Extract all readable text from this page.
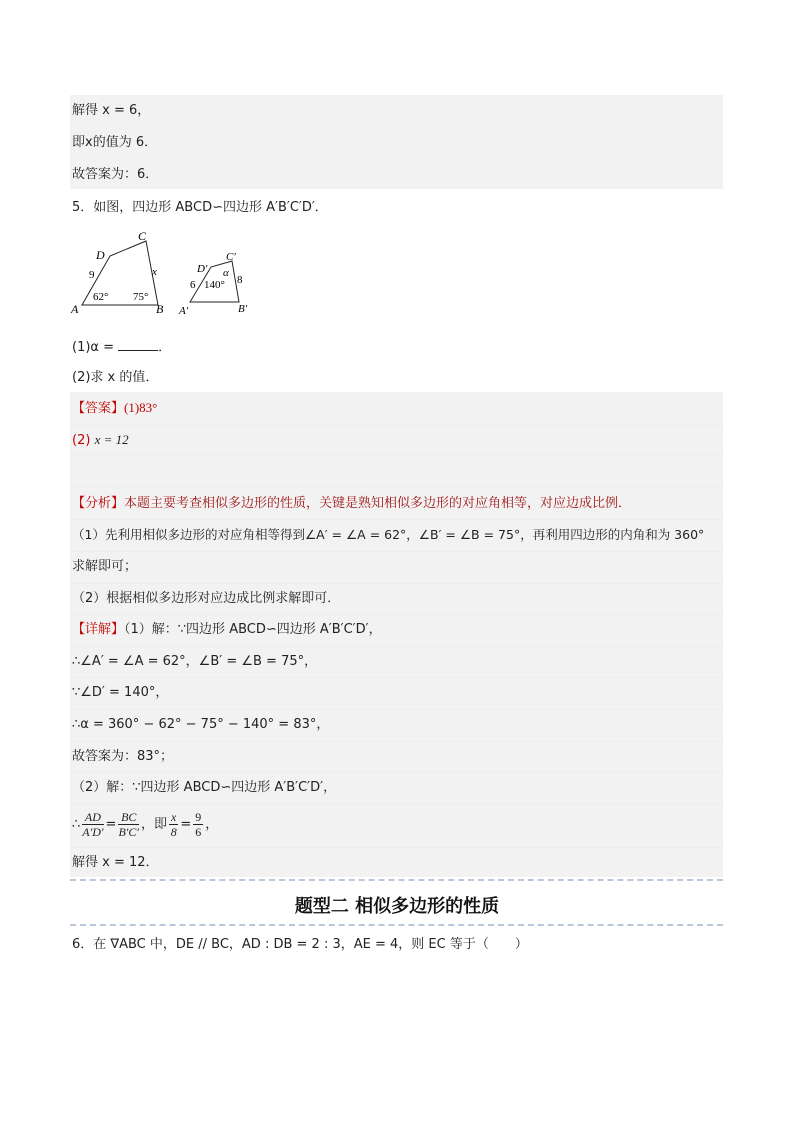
解得 x = 6，
即x的值为 6．
故答案为：6．
5．如图，四边形 ABCD∽四边形 A′B′C′D′．
A	B
C
D
9	x
62° 75°
A′	B′
C′
D′
6	8
140°
α
(1)α =	．
(2)求 x 的值．
【答案】(1)83°
(2) x = 12
【分析】本题主要考查相似多边形的性质，关键是熟知相似多边形的对应角相等，对应边成比例．
（1）先利用相似多边形的对应角相等得到∠A′ = ∠A = 62°，∠B′ = ∠B = 75°，再利用四边形的内角和为 360°
求解即可；
（2）根据相似多边形对应边成比例求解即可．
【详解】（1）解：∵四边形 ABCD∽四边形 A′B′C′D′，
∴∠A′ = ∠A = 62°，∠B′ = ∠B = 75°，
∵∠D′ = 140°，
∴α = 360° − 62° − 75° − 140° = 83°，
故答案为：83°；
（2）解：∵四边形 ABCD∽四边形 A′B′C′D′，
∴ $\frac{AD}{A'D'} = \frac{BC}{B'C'}$ ，即 $\frac{x}{8} = \frac{9}{6}$ ，
解得 x = 12．
题型二 相似多边形的性质
6．在 ∇ABC 中，DE // BC，AD : DB = 2 : 3，AE = 4，则 EC 等于（　　）
